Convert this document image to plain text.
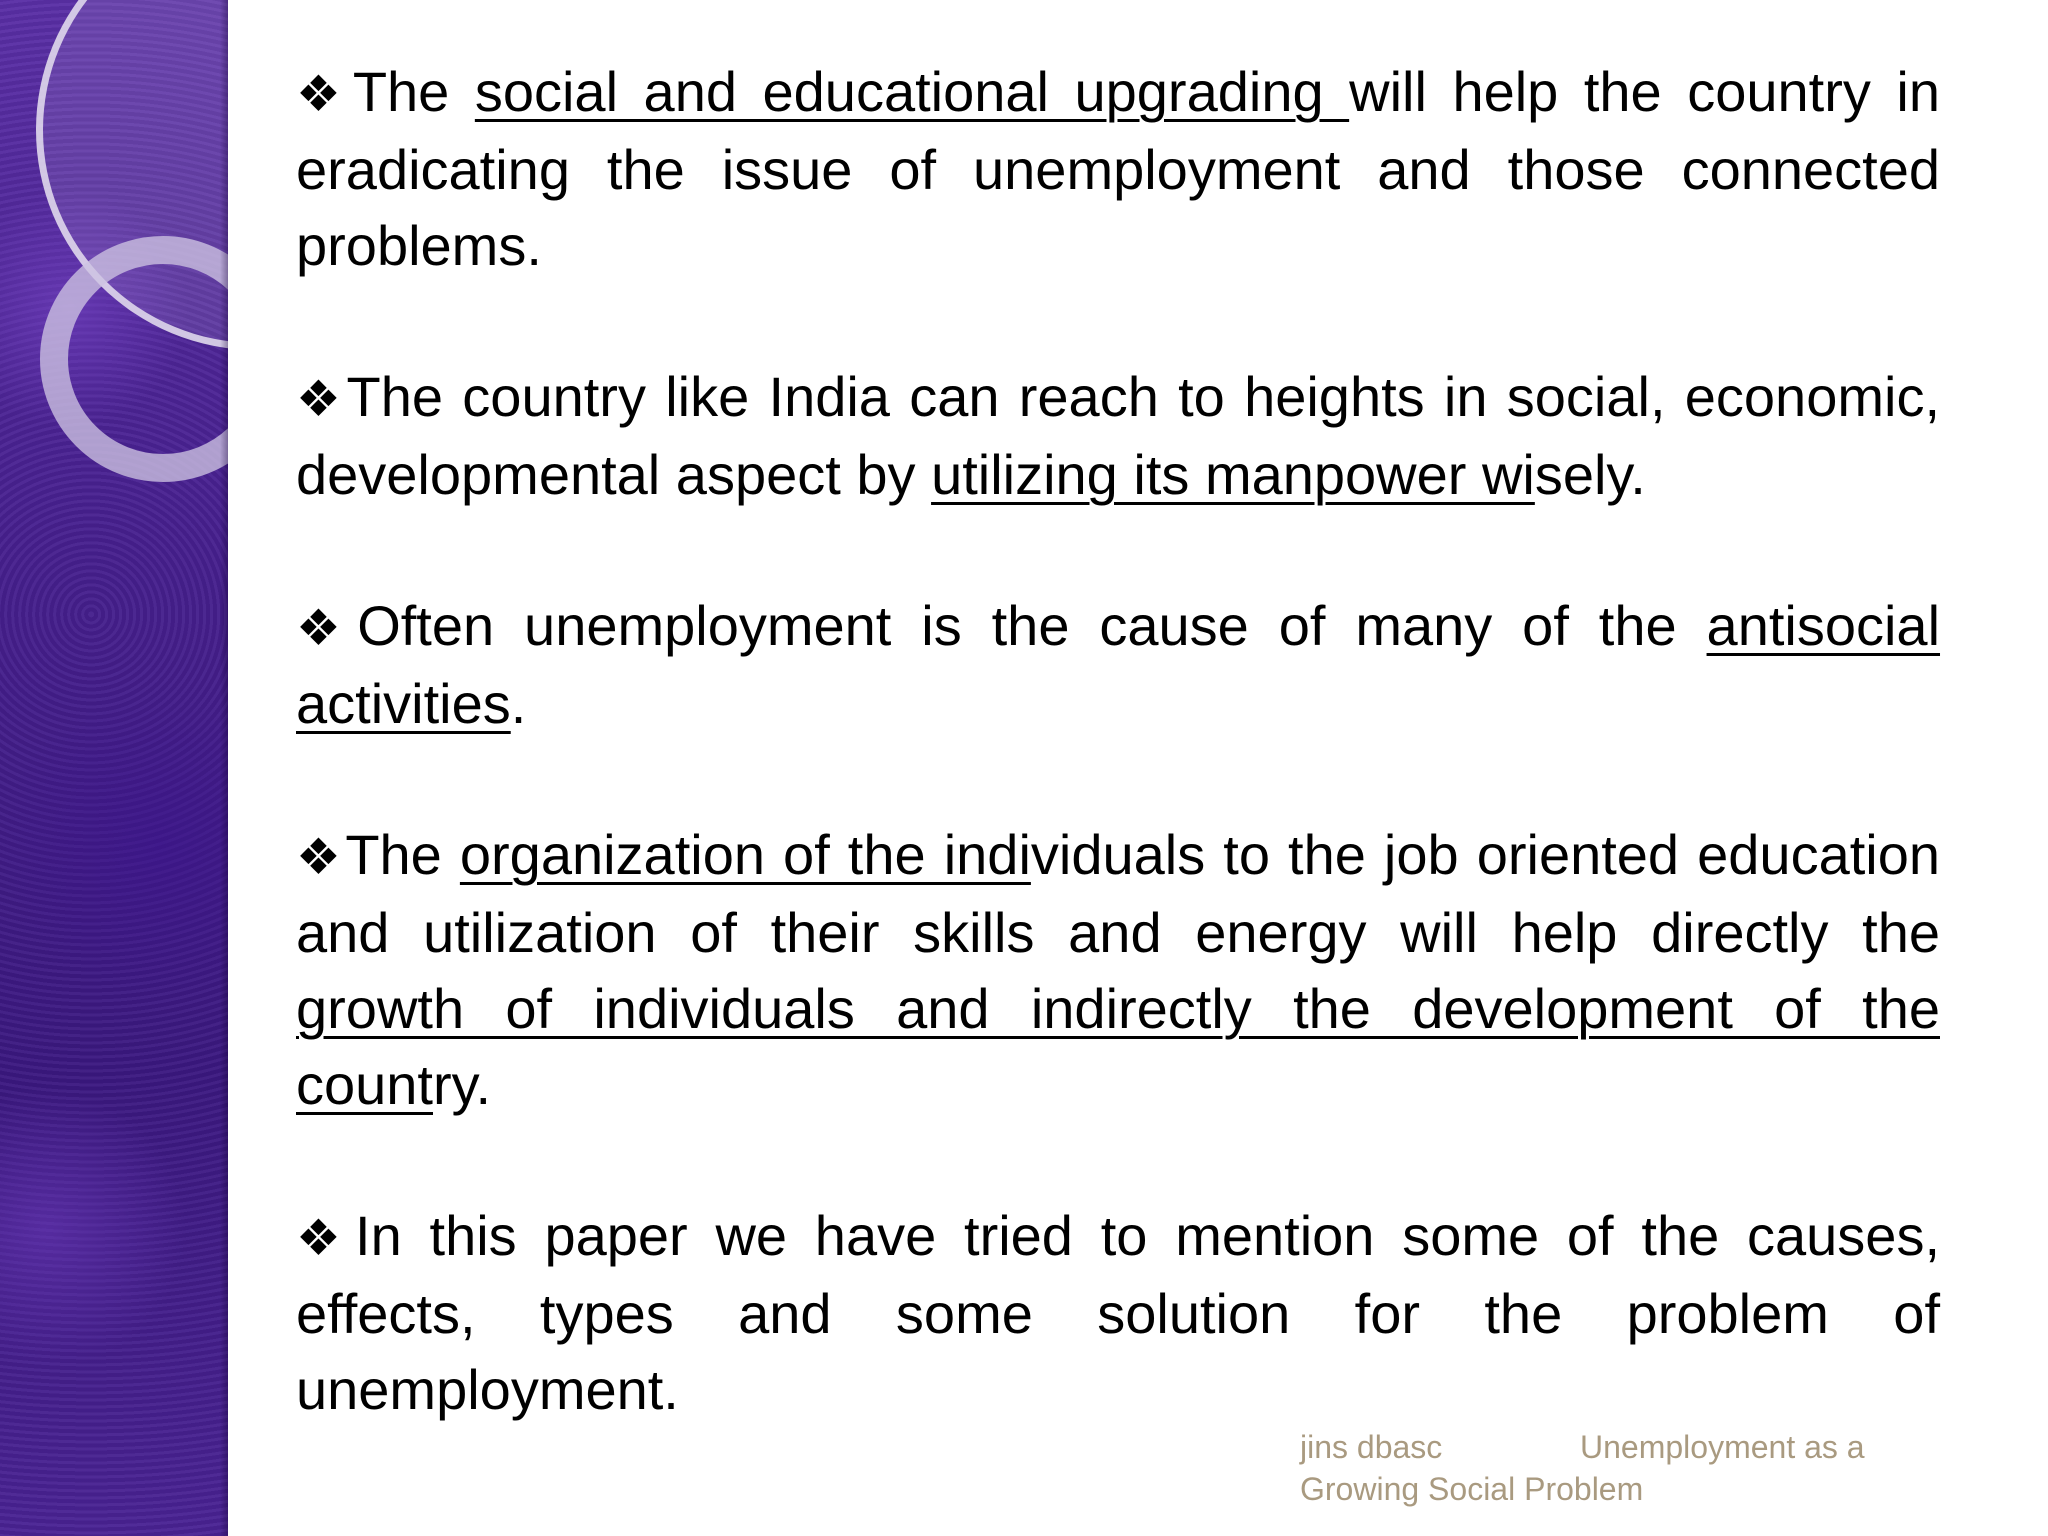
❖The social and educational upgrading will help the country in eradicating the issue of unemployment and those connected problems.

❖The country like India can reach to heights in social, economic, developmental aspect by utilizing its manpower wisely.

❖Often unemployment is the cause of many of the antisocial activities.

❖The organization of the individuals to the job oriented education and utilization of their skills and energy will help directly the growth of individuals and indirectly the development of the country.

❖In this paper we have tried to mention some of the causes, effects, types and some solution for the problem of unemployment.

jins dbasc	Unemployment as a
Growing Social Problem
